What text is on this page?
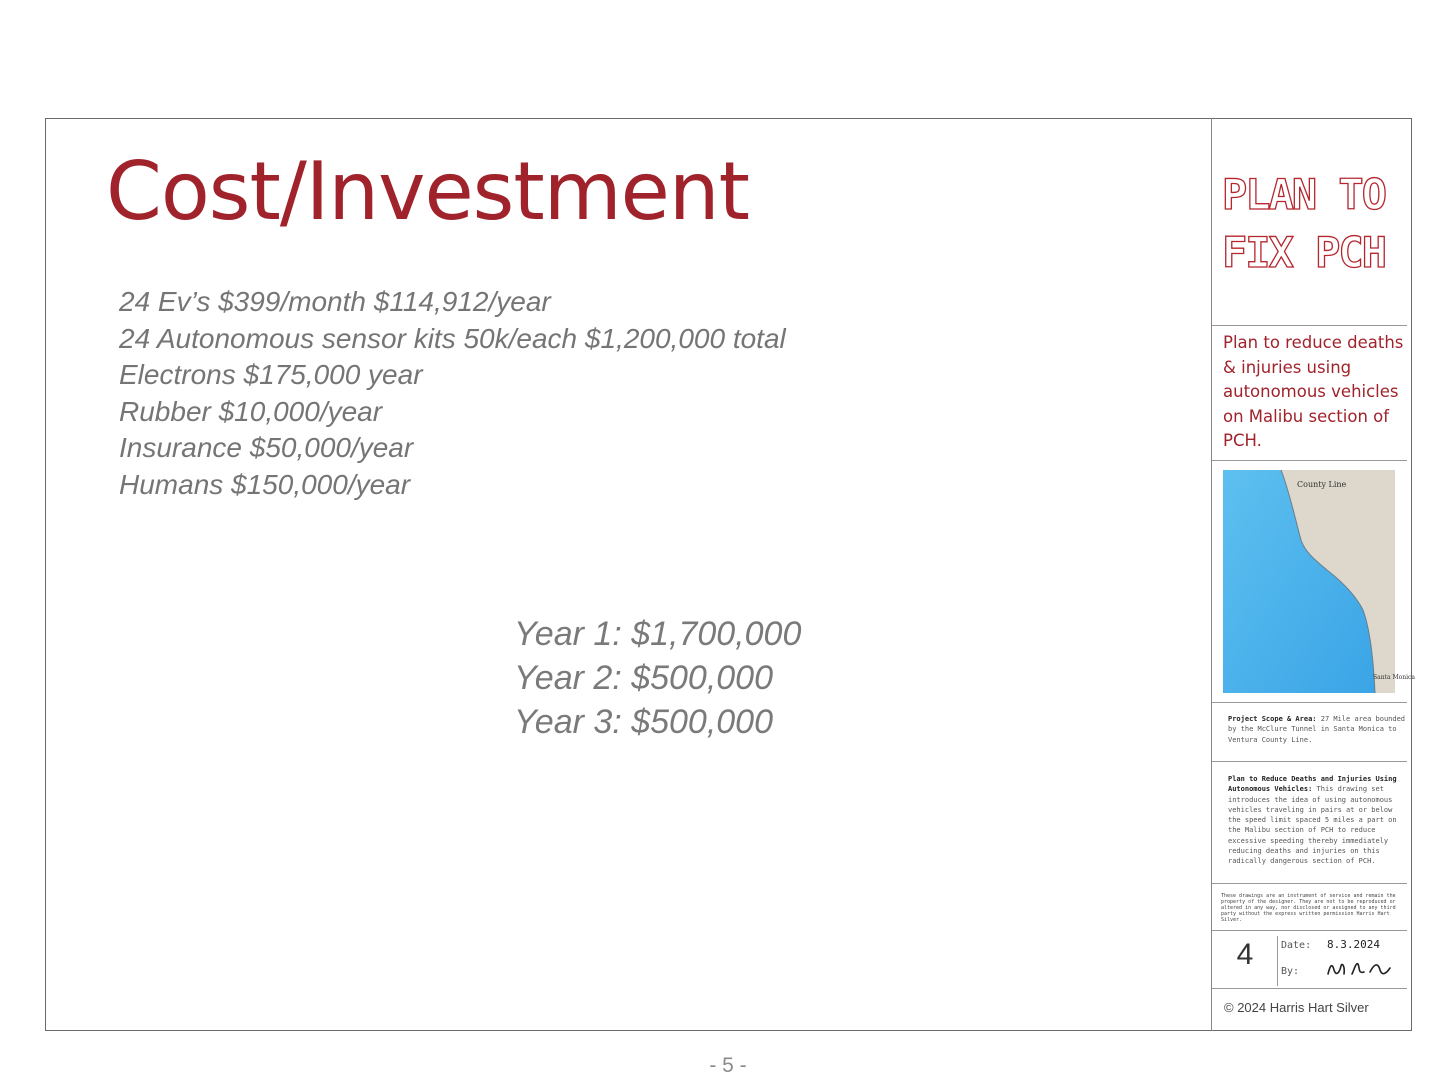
Cost/Investment
24 Ev’s $399/month $114,912/year
24 Autonomous sensor kits 50k/each $1,200,000 total
Electrons $175,000 year
Rubber $10,000/year
Insurance $50,000/year
Humans $150,000/year
Year 1: $1,700,000
Year 2: $500,000
Year 3: $500,000
PLAN TO
FIX PCH

Plan to reduce deaths & injuries using autonomous vehicles on Malibu section of PCH.

County Line
Santa Monica

Project Scope & Area: 27 Mile area bounded by the McClure Tunnel in Santa Monica to Ventura County Line.

Plan to Reduce Deaths and Injuries Using Autonomous Vehicles: This drawing set introduces the idea of using autonomous vehicles traveling in pairs at or below the speed limit spaced 5 miles a part on the Malibu section of PCH to reduce excessive speeding thereby immediately reducing deaths and injuries on this radically dangerous section of PCH.

These drawings are an instrument of service and remain the property of the designer. They are not to be reproduced or altered in any way, nor disclosed or assigned to any third party without the express written permission Harris Hart Silver.

4	Date: 8.3.2024
By:
© 2024 Harris Hart Silver
- 5 -
